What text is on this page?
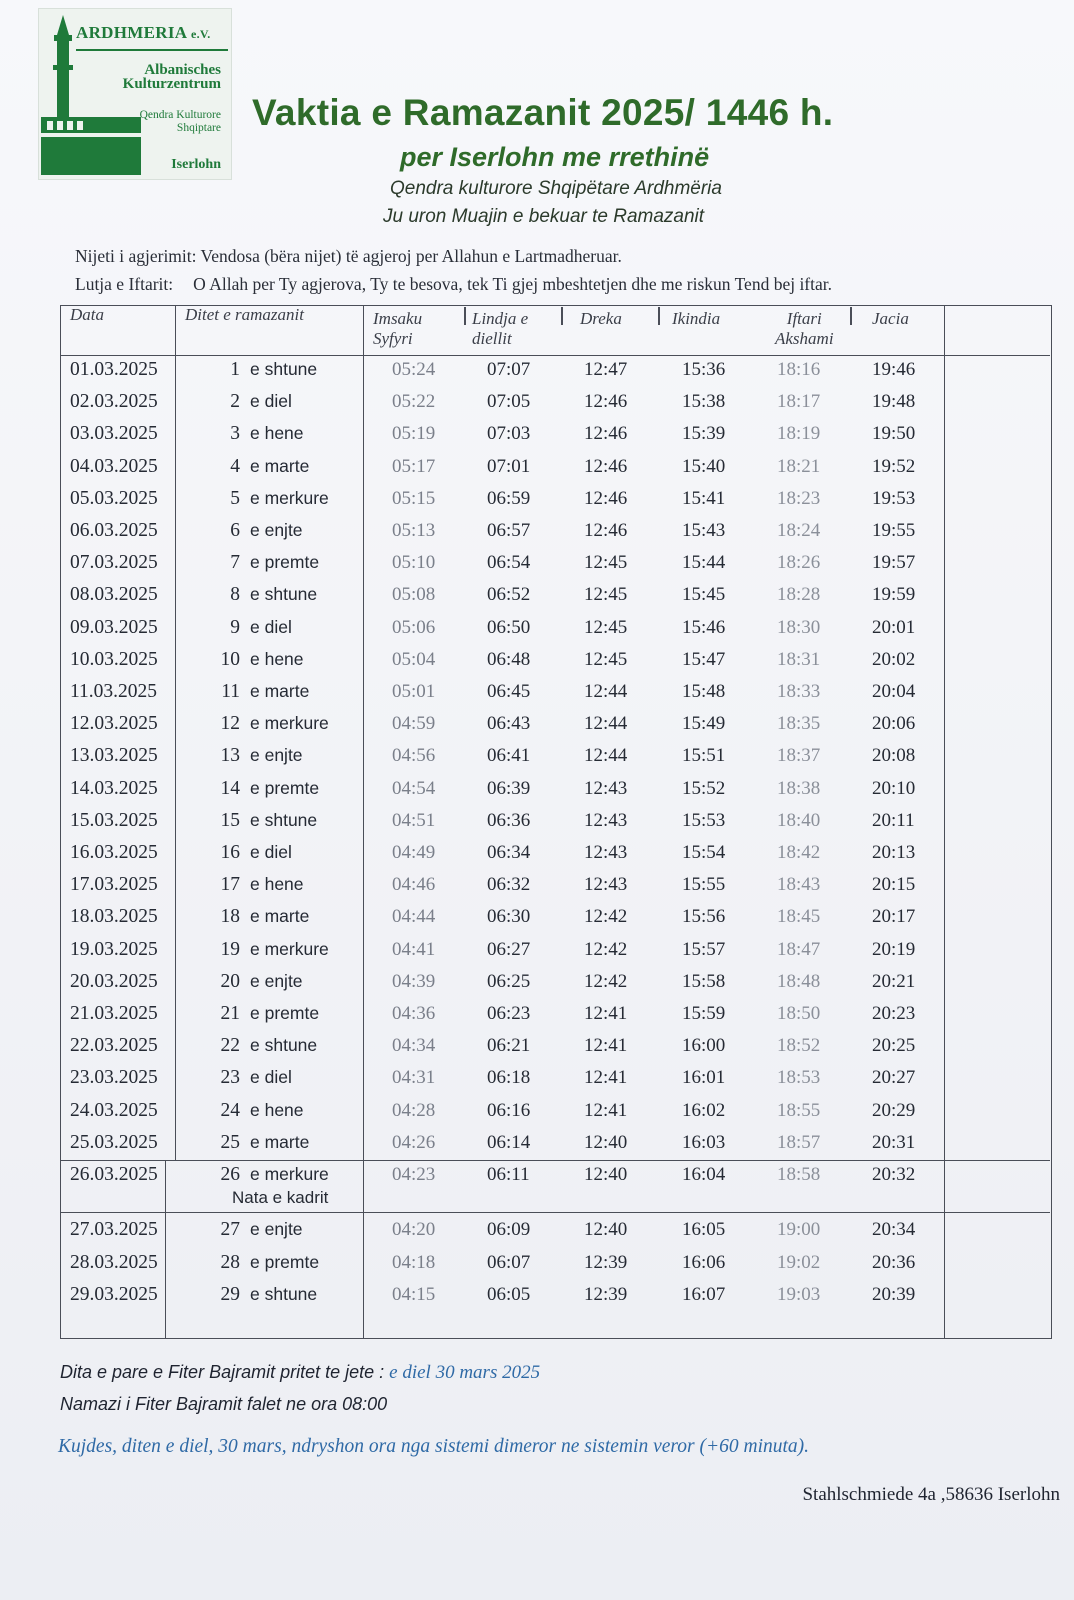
ARDHMERIA e.V.
Albanisches
Kulturzentrum
Qendra Kulturore
Shqiptare
Iserlohn
Vaktia e Ramazanit 2025/ 1446 h.
per Iserlohn me rrethinë
Qendra kulturore Shqipëtare Ardhmëria
Ju uron Muajin e bekuar te Ramazanit
Nijeti i agjerimit: Vendosa (bëra nijet) të agjeroj per Allahun e Lartmadheruar.
Lutja e Iftarit: O Allah per Ty agjerova, Ty te besova, tek Ti gjej mbeshtetjen dhe me riskun Tend bej iftar.
Data	Ditet e ramazanit	Imsaku
Syfyri
Lindja e
diellit
Dreka	Ikindia	Iftari
Akshami
Jacia
01.03.2025	1 e shtune	05:24	07:07	12:47	15:36	18:16	19:46
02.03.2025	2 e diel	05:22	07:05	12:46	15:38	18:17	19:48
03.03.2025	3 e hene	05:19	07:03	12:46	15:39	18:19	19:50
04.03.2025	4 e marte	05:17	07:01	12:46	15:40	18:21	19:52
05.03.2025	5 e merkure	05:15	06:59	12:46	15:41	18:23	19:53
06.03.2025	6 e enjte	05:13	06:57	12:46	15:43	18:24	19:55
07.03.2025	7 e premte	05:10	06:54	12:45	15:44	18:26	19:57
08.03.2025	8 e shtune	05:08	06:52	12:45	15:45	18:28	19:59
09.03.2025	9 e diel	05:06	06:50	12:45	15:46	18:30	20:01
10.03.2025	10 e hene	05:04	06:48	12:45	15:47	18:31	20:02
11.03.2025	11 e marte	05:01	06:45	12:44	15:48	18:33	20:04
12.03.2025	12 e merkure	04:59	06:43	12:44	15:49	18:35	20:06
13.03.2025	13 e enjte	04:56	06:41	12:44	15:51	18:37	20:08
14.03.2025	14 e premte	04:54	06:39	12:43	15:52	18:38	20:10
15.03.2025	15 e shtune	04:51	06:36	12:43	15:53	18:40	20:11
16.03.2025	16 e diel	04:49	06:34	12:43	15:54	18:42	20:13
17.03.2025	17 e hene	04:46	06:32	12:43	15:55	18:43	20:15
18.03.2025	18 e marte	04:44	06:30	12:42	15:56	18:45	20:17
19.03.2025	19 e merkure	04:41	06:27	12:42	15:57	18:47	20:19
20.03.2025	20 e enjte	04:39	06:25	12:42	15:58	18:48	20:21
21.03.2025	21 e premte	04:36	06:23	12:41	15:59	18:50	20:23
22.03.2025	22 e shtune	04:34	06:21	12:41	16:00	18:52	20:25
23.03.2025	23 e diel	04:31	06:18	12:41	16:01	18:53	20:27
24.03.2025	24 e hene	04:28	06:16	12:41	16:02	18:55	20:29
25.03.2025	25 e marte	04:26	06:14	12:40	16:03	18:57	20:31
26.03.2025	26 e merkure	04:23	06:11	12:40	16:04	18:58	20:32
Nata e kadrit
27.03.2025	27 e enjte	04:20	06:09	12:40	16:05	19:00	20:34
28.03.2025	28 e premte	04:18	06:07	12:39	16:06	19:02	20:36
29.03.2025	29 e shtune	04:15	06:05	12:39	16:07	19:03	20:39
Dita e pare e Fiter Bajramit pritet te jete : e diel 30 mars 2025
Namazi i Fiter Bajramit falet ne ora 08:00
Kujdes, diten e diel, 30 mars, ndryshon ora nga sistemi dimeror ne sistemin veror (+60 minuta).
Stahlschmiede 4a ,58636 Iserlohn
